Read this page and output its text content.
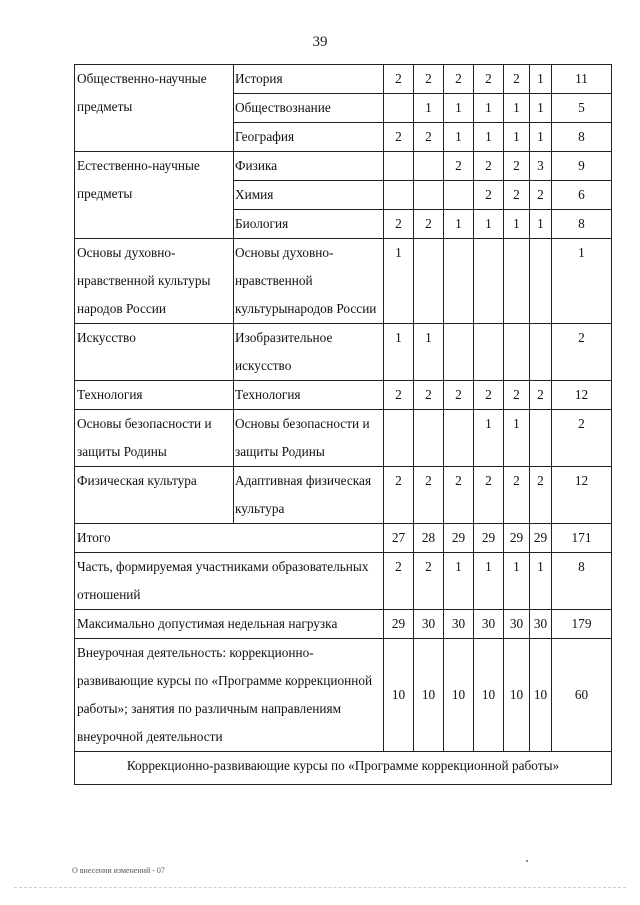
39
Общественно-научные предметы	История	2	2	2	2	2	1	11
	Обществознание		1	1	1	1	1	5
	География	2	2	1	1	1	1	8
Естественно-научные предметы	Физика			2	2	2	3	9
	Химия				2	2	2	6
	Биология	2	2	1	1	1	1	8
Основы духовно-нравственной культуры народов России	Основы духовно-нравственной культурынародов России	1						1
Искусство	Изобразительное искусство	1	1					2
Технология	Технология	2	2	2	2	2	2	12
Основы безопасности и защиты Родины	Основы безопасности и защиты Родины				1	1		2
Физическая культура	Адаптивная физическая культура	2	2	2	2	2	2	12
Итого		27	28	29	29	29	29	171
Часть, формируемая участниками образовательных отношений		2	2	1	1	1	1	8
Максимально допустимая недельная нагрузка		29	30	30	30	30	30	179
Внеурочная деятельность: коррекционно-развивающие курсы по «Программе коррекционной работы»; занятия по различным направлениям внеурочной деятельности		10	10	10	10	10	10	60
Коррекционно-развивающие курсы по «Программе коррекционной работы»								
О внесении изменений - 07
